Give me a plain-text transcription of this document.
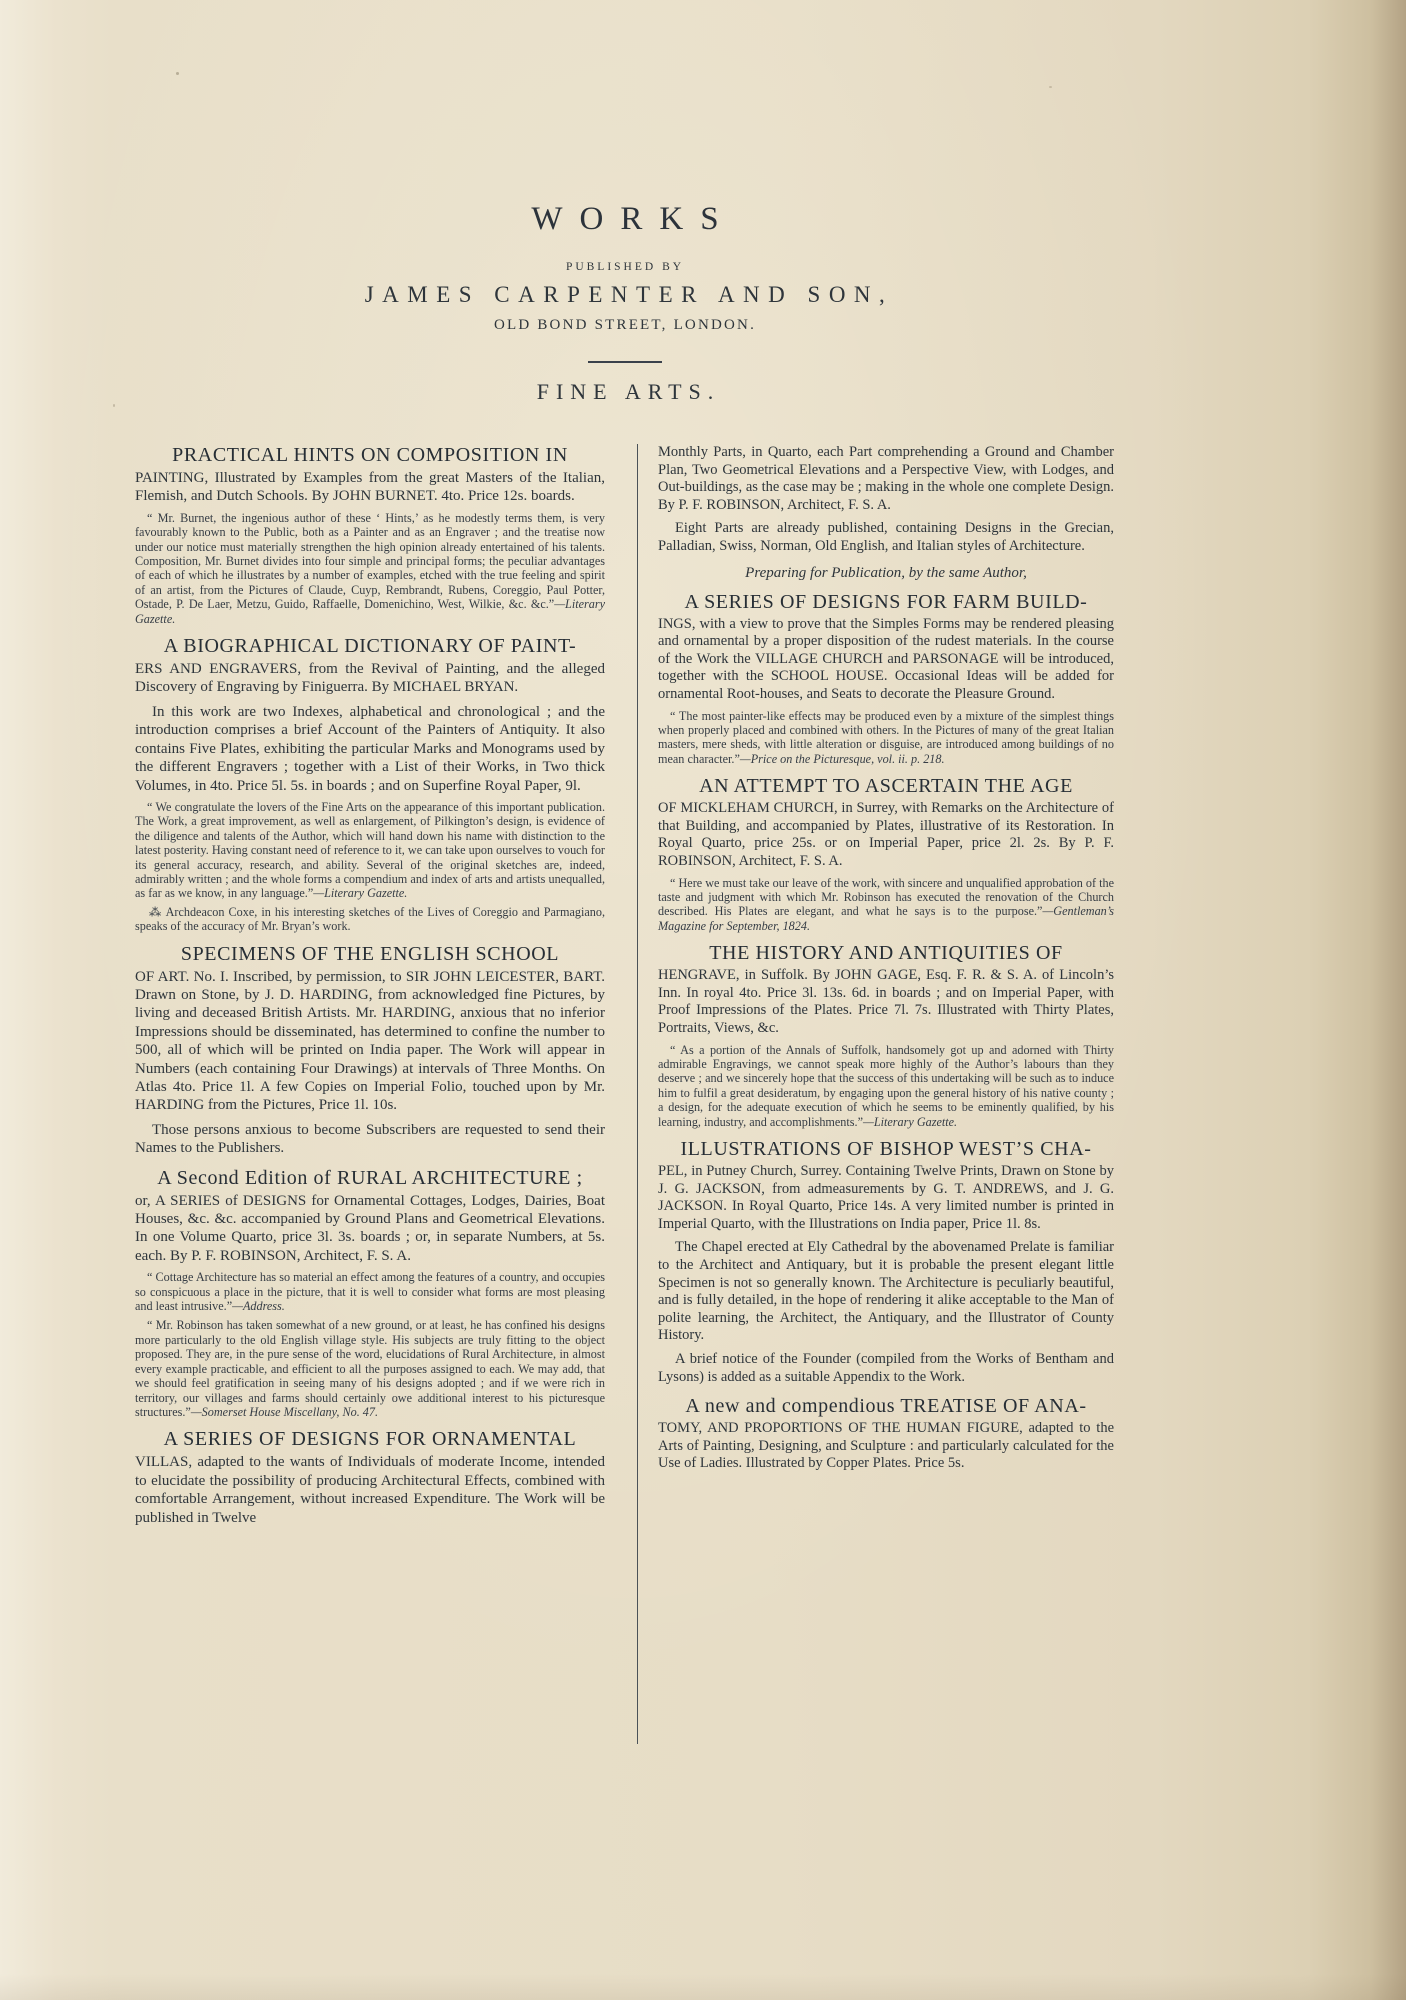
WORKS
PUBLISHED BY
JAMES CARPENTER AND SON,
OLD BOND STREET, LONDON.
FINE ARTS.
PRACTICAL HINTS ON COMPOSITION IN

PAINTING, Illustrated by Examples from the great Masters of the Italian, Flemish, and Dutch Schools. By JOHN BURNET. 4to. Price 12s. boards.

“ Mr. Burnet, the ingenious author of these ‘ Hints,’ as he modestly terms them, is very favourably known to the Public, both as a Painter and as an Engraver ; and the treatise now under our notice must materially strengthen the high opinion already entertained of his talents. Composition, Mr. Burnet divides into four simple and principal forms; the peculiar advantages of each of which he illustrates by a number of examples, etched with the true feeling and spirit of an artist, from the Pictures of Claude, Cuyp, Rembrandt, Rubens, Coreggio, Paul Potter, Ostade, P. De Laer, Metzu, Guido, Raffaelle, Domenichino, West, Wilkie, &c. &c.”—Literary Gazette.

A BIOGRAPHICAL DICTIONARY OF PAINT-

ERS AND ENGRAVERS, from the Revival of Painting, and the alleged Discovery of Engraving by Finiguerra. By MICHAEL BRYAN.

In this work are two Indexes, alphabetical and chronological ; and the introduction comprises a brief Account of the Painters of Antiquity. It also contains Five Plates, exhibiting the particular Marks and Monograms used by the different Engravers ; together with a List of their Works, in Two thick Volumes, in 4to. Price 5l. 5s. in boards ; and on Superfine Royal Paper, 9l.

“ We congratulate the lovers of the Fine Arts on the appearance of this important publication. The Work, a great improvement, as well as enlargement, of Pilkington’s design, is evidence of the diligence and talents of the Author, which will hand down his name with distinction to the latest posterity. Having constant need of reference to it, we can take upon ourselves to vouch for its general accuracy, research, and ability. Several of the original sketches are, indeed, admirably written ; and the whole forms a compendium and index of arts and artists unequalled, as far as we know, in any language.”—Literary Gazette.

⁂ Archdeacon Coxe, in his interesting sketches of the Lives of Coreggio and Parmagiano, speaks of the accuracy of Mr. Bryan’s work.

SPECIMENS OF THE ENGLISH SCHOOL

OF ART. No. I. Inscribed, by permission, to SIR JOHN LEICESTER, BART. Drawn on Stone, by J. D. HARDING, from acknowledged fine Pictures, by living and deceased British Artists. Mr. HARDING, anxious that no inferior Impressions should be disseminated, has determined to confine the number to 500, all of which will be printed on India paper. The Work will appear in Numbers (each containing Four Drawings) at intervals of Three Months. On Atlas 4to. Price 1l. A few Copies on Imperial Folio, touched upon by Mr. HARDING from the Pictures, Price 1l. 10s.

Those persons anxious to become Subscribers are requested to send their Names to the Publishers.

A Second Edition of RURAL ARCHITECTURE ;

or, A SERIES of DESIGNS for Ornamental Cottages, Lodges, Dairies, Boat Houses, &c. &c. accompanied by Ground Plans and Geometrical Elevations. In one Volume Quarto, price 3l. 3s. boards ; or, in separate Numbers, at 5s. each. By P. F. ROBINSON, Architect, F. S. A.

“ Cottage Architecture has so material an effect among the features of a country, and occupies so conspicuous a place in the picture, that it is well to consider what forms are most pleasing and least intrusive.”—Address.

“ Mr. Robinson has taken somewhat of a new ground, or at least, he has confined his designs more particularly to the old English village style. His subjects are truly fitting to the object proposed. They are, in the pure sense of the word, elucidations of Rural Architecture, in almost every example practicable, and efficient to all the purposes assigned to each. We may add, that we should feel gratification in seeing many of his designs adopted ; and if we were rich in territory, our villages and farms should certainly owe additional interest to his picturesque structures.”—Somerset House Miscellany, No. 47.

A SERIES OF DESIGNS FOR ORNAMENTAL

VILLAS, adapted to the wants of Individuals of moderate Income, intended to elucidate the possibility of producing Architectural Effects, combined with comfortable Arrangement, without increased Expenditure. The Work will be published in Twelve

Monthly Parts, in Quarto, each Part comprehending a Ground and Chamber Plan, Two Geometrical Elevations and a Perspective View, with Lodges, and Out-buildings, as the case may be ; making in the whole one complete Design. By P. F. ROBINSON, Architect, F. S. A.

Eight Parts are already published, containing Designs in the Grecian, Palladian, Swiss, Norman, Old English, and Italian styles of Architecture.

Preparing for Publication, by the same Author,

A SERIES OF DESIGNS FOR FARM BUILD-

INGS, with a view to prove that the Simples Forms may be rendered pleasing and ornamental by a proper disposition of the rudest materials. In the course of the Work the VILLAGE CHURCH and PARSONAGE will be introduced, together with the SCHOOL HOUSE. Occasional Ideas will be added for ornamental Root-houses, and Seats to decorate the Pleasure Ground.

“ The most painter-like effects may be produced even by a mixture of the simplest things when properly placed and combined with others. In the Pictures of many of the great Italian masters, mere sheds, with little alteration or disguise, are introduced among buildings of no mean character.”—Price on the Picturesque, vol. ii. p. 218.

AN ATTEMPT TO ASCERTAIN THE AGE

OF MICKLEHAM CHURCH, in Surrey, with Remarks on the Architecture of that Building, and accompanied by Plates, illustrative of its Restoration. In Royal Quarto, price 25s. or on Imperial Paper, price 2l. 2s. By P. F. ROBINSON, Architect, F. S. A.

“ Here we must take our leave of the work, with sincere and unqualified approbation of the taste and judgment with which Mr. Robinson has executed the renovation of the Church described. His Plates are elegant, and what he says is to the purpose.”—Gentleman’s Magazine for September, 1824.

THE HISTORY AND ANTIQUITIES OF

HENGRAVE, in Suffolk. By JOHN GAGE, Esq. F. R. & S. A. of Lincoln’s Inn. In royal 4to. Price 3l. 13s. 6d. in boards ; and on Imperial Paper, with Proof Impressions of the Plates. Price 7l. 7s. Illustrated with Thirty Plates, Portraits, Views, &c.

“ As a portion of the Annals of Suffolk, handsomely got up and adorned with Thirty admirable Engravings, we cannot speak more highly of the Author’s labours than they deserve ; and we sincerely hope that the success of this undertaking will be such as to induce him to fulfil a great desideratum, by engaging upon the general history of his native county ; a design, for the adequate execution of which he seems to be eminently qualified, by his learning, industry, and accomplishments.”—Literary Gazette.

ILLUSTRATIONS OF BISHOP WEST’S CHA-

PEL, in Putney Church, Surrey. Containing Twelve Prints, Drawn on Stone by J. G. JACKSON, from admeasurements by G. T. ANDREWS, and J. G. JACKSON. In Royal Quarto, Price 14s. A very limited number is printed in Imperial Quarto, with the Illustrations on India paper, Price 1l. 8s.

The Chapel erected at Ely Cathedral by the abovenamed Prelate is familiar to the Architect and Antiquary, but it is probable the present elegant little Specimen is not so generally known. The Architecture is peculiarly beautiful, and is fully detailed, in the hope of rendering it alike acceptable to the Man of polite learning, the Architect, the Antiquary, and the Illustrator of County History.

A brief notice of the Founder (compiled from the Works of Bentham and Lysons) is added as a suitable Appendix to the Work.

A new and compendious TREATISE OF ANA-

TOMY, AND PROPORTIONS OF THE HUMAN FIGURE, adapted to the Arts of Painting, Designing, and Sculpture : and particularly calculated for the Use of Ladies. Illustrated by Copper Plates. Price 5s.
